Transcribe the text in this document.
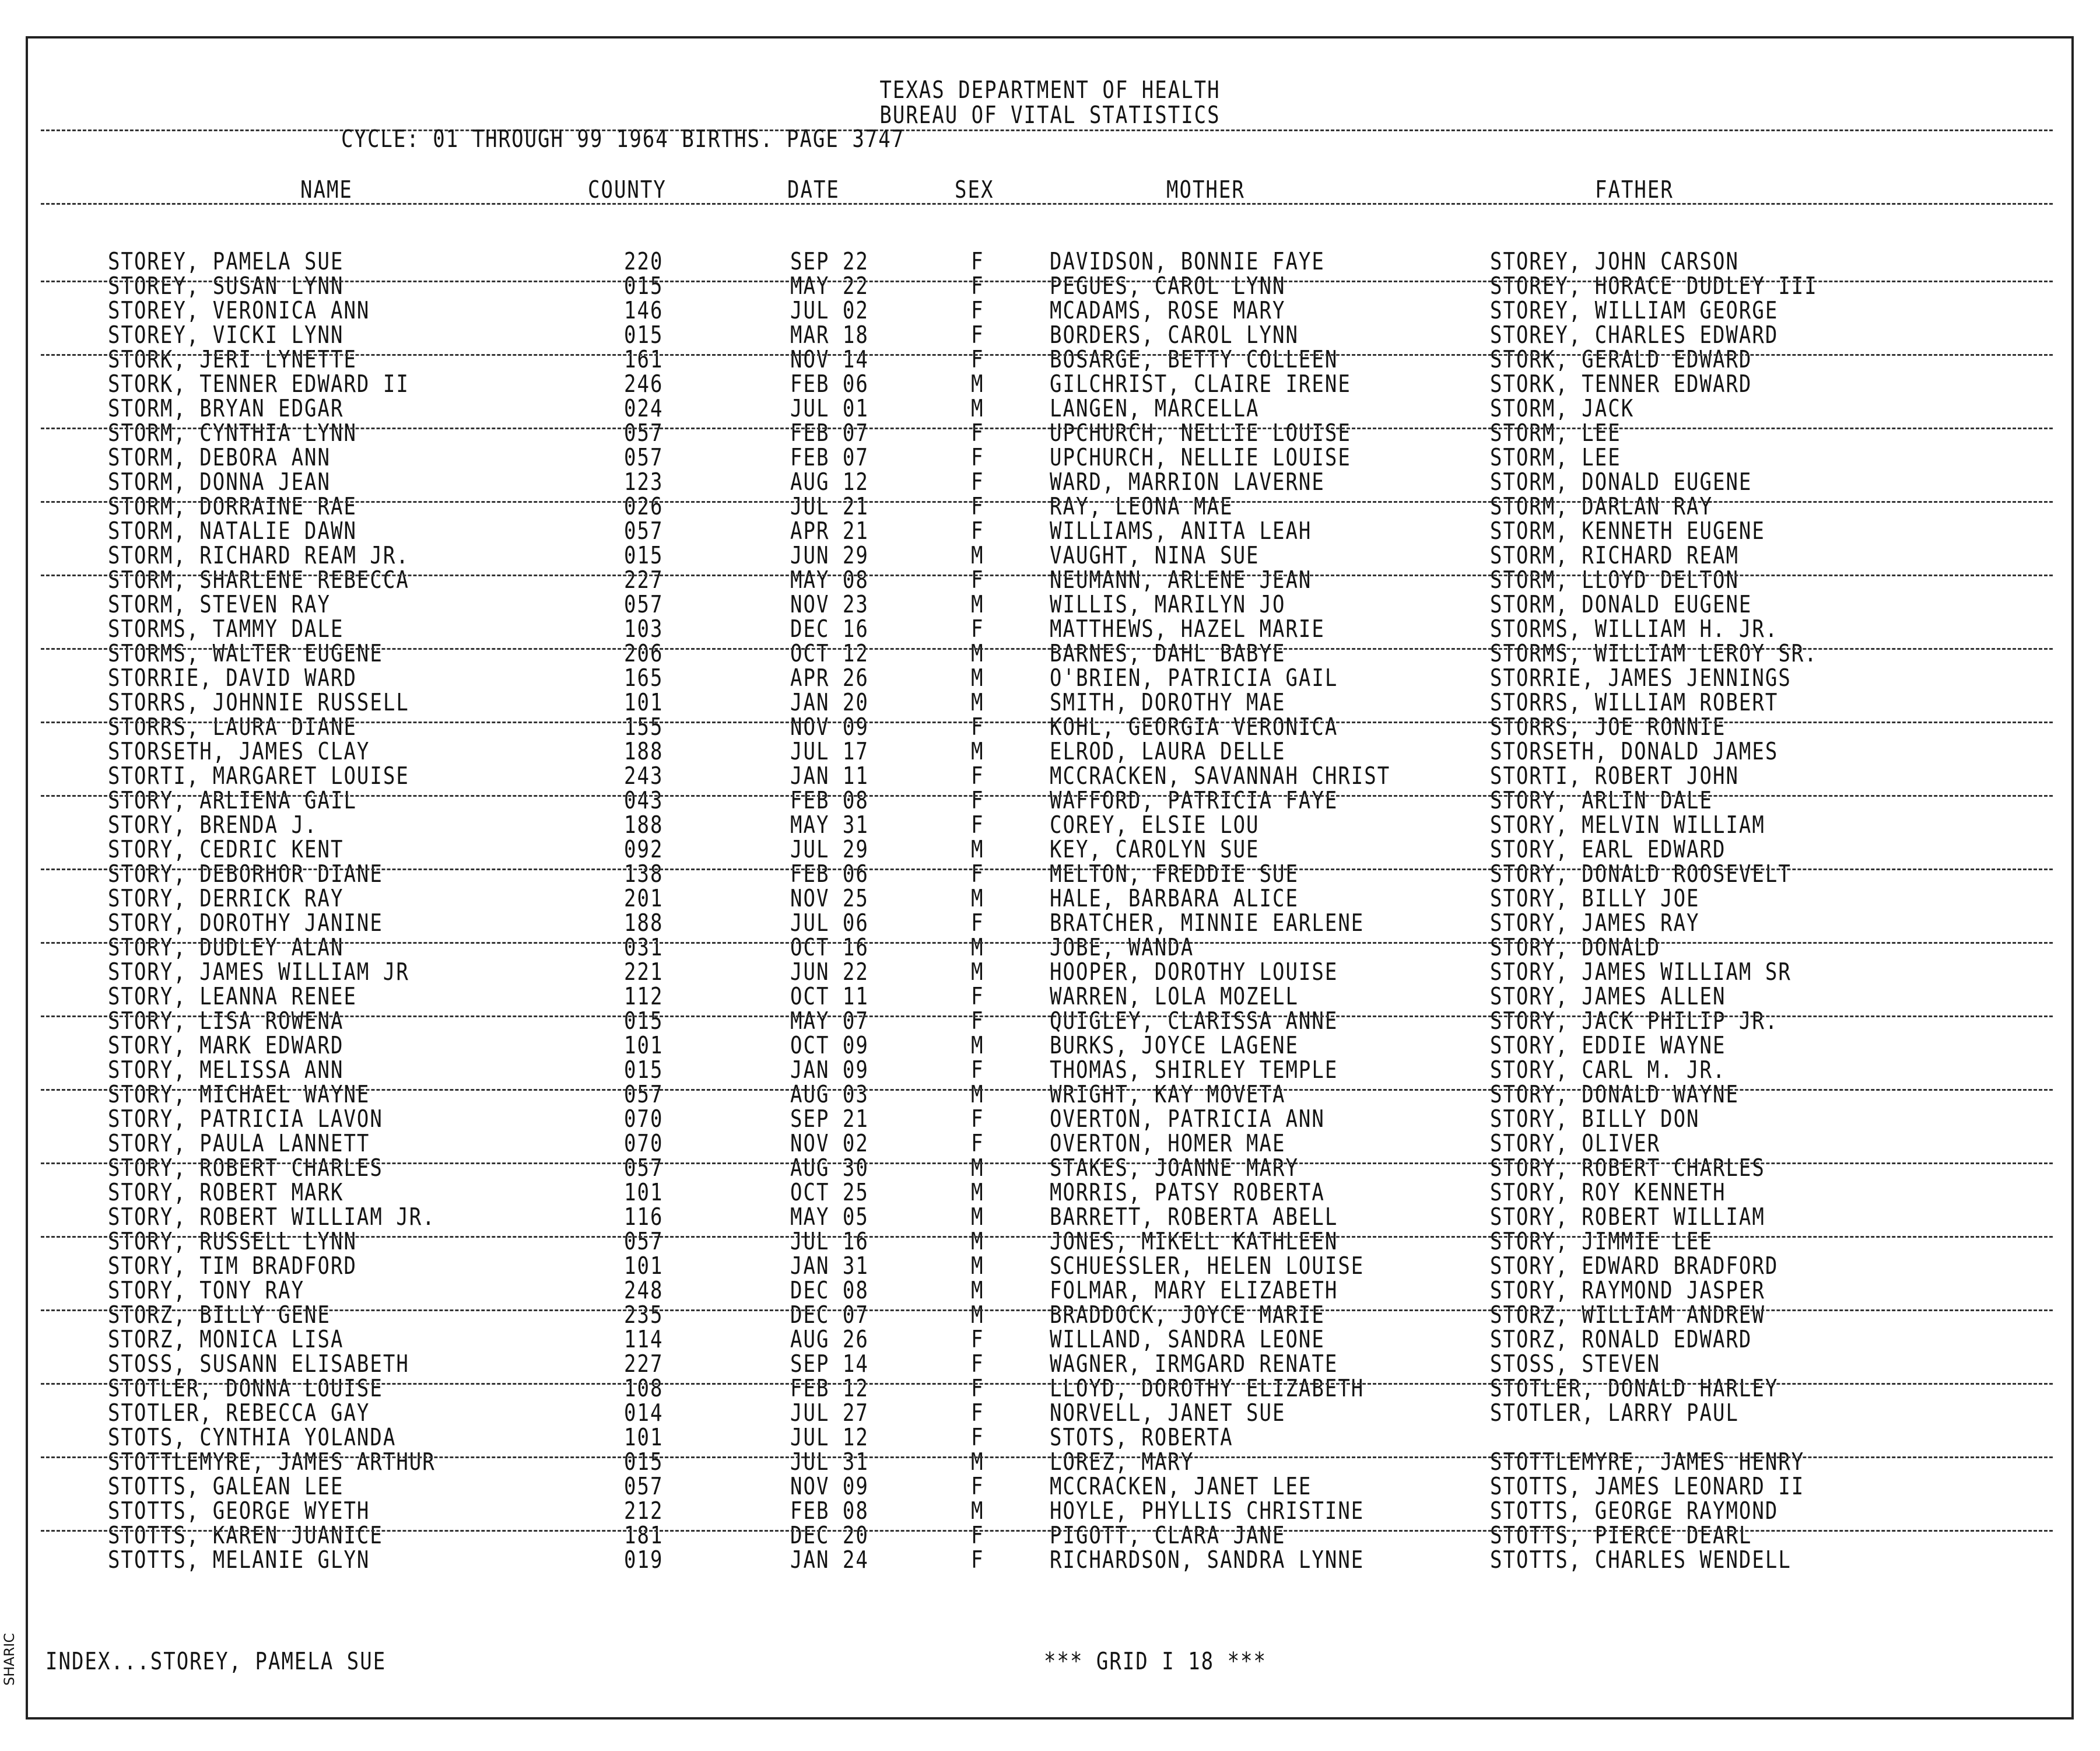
TEXAS DEPARTMENT OF HEALTH
BUREAU OF VITAL STATISTICS
CYCLE: 01 THROUGH 99 1964 BIRTHS. PAGE 3747
NAME	COUNTY	DATE	SEX	MOTHER	FATHER
STOREY, PAMELA SUE	220	SEP 22	F	DAVIDSON, BONNIE FAYE	STOREY, JOHN CARSON
STOREY, SUSAN LYNN	015	MAY 22	F	PEGUES, CAROL LYNN	STOREY, HORACE DUDLEY III
STOREY, VERONICA ANN	146	JUL 02	F	MCADAMS, ROSE MARY	STOREY, WILLIAM GEORGE
STOREY, VICKI LYNN	015	MAR 18	F	BORDERS, CAROL LYNN	STOREY, CHARLES EDWARD
STORK, JERI LYNETTE	161	NOV 14	F	BOSARGE, BETTY COLLEEN	STORK, GERALD EDWARD
STORK, TENNER EDWARD II	246	FEB 06	M	GILCHRIST, CLAIRE IRENE	STORK, TENNER EDWARD
STORM, BRYAN EDGAR	024	JUL 01	M	LANGEN, MARCELLA	STORM, JACK
STORM, CYNTHIA LYNN	057	FEB 07	F	UPCHURCH, NELLIE LOUISE	STORM, LEE
STORM, DEBORA ANN	057	FEB 07	F	UPCHURCH, NELLIE LOUISE	STORM, LEE
STORM, DONNA JEAN	123	AUG 12	F	WARD, MARRION LAVERNE	STORM, DONALD EUGENE
STORM, DORRAINE RAE	026	JUL 21	F	RAY, LEONA MAE	STORM, DARLAN RAY
STORM, NATALIE DAWN	057	APR 21	F	WILLIAMS, ANITA LEAH	STORM, KENNETH EUGENE
STORM, RICHARD REAM JR.	015	JUN 29	M	VAUGHT, NINA SUE	STORM, RICHARD REAM
STORM, SHARLENE REBECCA	227	MAY 08	F	NEUMANN, ARLENE JEAN	STORM, LLOYD DELTON
STORM, STEVEN RAY	057	NOV 23	M	WILLIS, MARILYN JO	STORM, DONALD EUGENE
STORMS, TAMMY DALE	103	DEC 16	F	MATTHEWS, HAZEL MARIE	STORMS, WILLIAM H. JR.
STORMS, WALTER EUGENE	206	OCT 12	M	BARNES, DAHL BABYE	STORMS, WILLIAM LEROY SR.
STORRIE, DAVID WARD	165	APR 26	M	O'BRIEN, PATRICIA GAIL	STORRIE, JAMES JENNINGS
STORRS, JOHNNIE RUSSELL	101	JAN 20	M	SMITH, DOROTHY MAE	STORRS, WILLIAM ROBERT
STORRS, LAURA DIANE	155	NOV 09	F	KOHL, GEORGIA VERONICA	STORRS, JOE RONNIE
STORSETH, JAMES CLAY	188	JUL 17	M	ELROD, LAURA DELLE	STORSETH, DONALD JAMES
STORTI, MARGARET LOUISE	243	JAN 11	F	MCCRACKEN, SAVANNAH CHRIST	STORTI, ROBERT JOHN
STORY, ARLIENA GAIL	043	FEB 08	F	WAFFORD, PATRICIA FAYE	STORY, ARLIN DALE
STORY, BRENDA J.	188	MAY 31	F	COREY, ELSIE LOU	STORY, MELVIN WILLIAM
STORY, CEDRIC KENT	092	JUL 29	M	KEY, CAROLYN SUE	STORY, EARL EDWARD
STORY, DEBORHOR DIANE	138	FEB 06	F	MELTON, FREDDIE SUE	STORY, DONALD ROOSEVELT
STORY, DERRICK RAY	201	NOV 25	M	HALE, BARBARA ALICE	STORY, BILLY JOE
STORY, DOROTHY JANINE	188	JUL 06	F	BRATCHER, MINNIE EARLENE	STORY, JAMES RAY
STORY, DUDLEY ALAN	031	OCT 16	M	JOBE, WANDA	STORY, DONALD
STORY, JAMES WILLIAM JR	221	JUN 22	M	HOOPER, DOROTHY LOUISE	STORY, JAMES WILLIAM SR
STORY, LEANNA RENEE	112	OCT 11	F	WARREN, LOLA MOZELL	STORY, JAMES ALLEN
STORY, LISA ROWENA	015	MAY 07	F	QUIGLEY, CLARISSA ANNE	STORY, JACK PHILIP JR.
STORY, MARK EDWARD	101	OCT 09	M	BURKS, JOYCE LAGENE	STORY, EDDIE WAYNE
STORY, MELISSA ANN	015	JAN 09	F	THOMAS, SHIRLEY TEMPLE	STORY, CARL M. JR.
STORY, MICHAEL WAYNE	057	AUG 03	M	WRIGHT, KAY MOVETA	STORY, DONALD WAYNE
STORY, PATRICIA LAVON	070	SEP 21	F	OVERTON, PATRICIA ANN	STORY, BILLY DON
STORY, PAULA LANNETT	070	NOV 02	F	OVERTON, HOMER MAE	STORY, OLIVER
STORY, ROBERT CHARLES	057	AUG 30	M	STAKES, JOANNE MARY	STORY, ROBERT CHARLES
STORY, ROBERT MARK	101	OCT 25	M	MORRIS, PATSY ROBERTA	STORY, ROY KENNETH
STORY, ROBERT WILLIAM JR.	116	MAY 05	M	BARRETT, ROBERTA ABELL	STORY, ROBERT WILLIAM
STORY, RUSSELL LYNN	057	JUL 16	M	JONES, MIKELL KATHLEEN	STORY, JIMMIE LEE
STORY, TIM BRADFORD	101	JAN 31	M	SCHUESSLER, HELEN LOUISE	STORY, EDWARD BRADFORD
STORY, TONY RAY	248	DEC 08	M	FOLMAR, MARY ELIZABETH	STORY, RAYMOND JASPER
STORZ, BILLY GENE	235	DEC 07	M	BRADDOCK, JOYCE MARIE	STORZ, WILLIAM ANDREW
STORZ, MONICA LISA	114	AUG 26	F	WILLAND, SANDRA LEONE	STORZ, RONALD EDWARD
STOSS, SUSANN ELISABETH	227	SEP 14	F	WAGNER, IRMGARD RENATE	STOSS, STEVEN
STOTLER, DONNA LOUISE	108	FEB 12	F	LLOYD, DOROTHY ELIZABETH	STOTLER, DONALD HARLEY
STOTLER, REBECCA GAY	014	JUL 27	F	NORVELL, JANET SUE	STOTLER, LARRY PAUL
STOTS, CYNTHIA YOLANDA	101	JUL 12	F	STOTS, ROBERTA
STOTTLEMYRE, JAMES ARTHUR	015	JUL 31	M	LOREZ, MARY	STOTTLEMYRE, JAMES HENRY
STOTTS, GALEAN LEE	057	NOV 09	F	MCCRACKEN, JANET LEE	STOTTS, JAMES LEONARD II
STOTTS, GEORGE WYETH	212	FEB 08	M	HOYLE, PHYLLIS CHRISTINE	STOTTS, GEORGE RAYMOND
STOTTS, KAREN JUANICE	181	DEC 20	F	PIGOTT, CLARA JANE	STOTTS, PIERCE DEARL
STOTTS, MELANIE GLYN	019	JAN 24	F	RICHARDSON, SANDRA LYNNE	STOTTS, CHARLES WENDELL
INDEX...STOREY, PAMELA SUE	*** GRID I 18 ***
SHARIC
